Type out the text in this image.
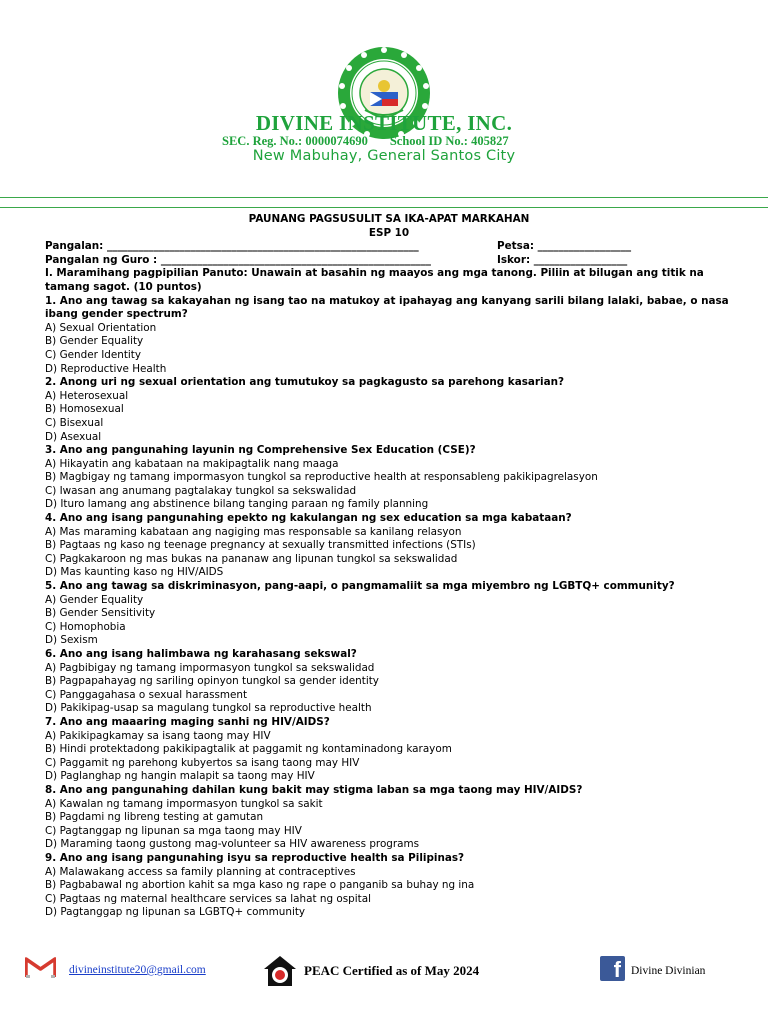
DIVINE INSTITUTE, INC.
SEC. Reg. No.: 0000074690 School ID No.: 405827
New Mabuhay, General Santos City
PAUNANG PAGSUSULIT SA IKA-APAT MARKAHAN
ESP 10
Pangalan: ____________________________________________________________	Petsa: __________________
Pangalan ng Guro : ____________________________________________________	Iskor: __________________
I. Maramihang pagpipilian Panuto: Unawain at basahin ng maayos ang mga tanong. Piliin at bilugan ang titik na tamang sagot. (10 puntos)
1. Ano ang tawag sa kakayahan ng isang tao na matukoy at ipahayag ang kanyang sarili bilang lalaki, babae, o nasa ibang gender spectrum?
A) Sexual Orientation
B) Gender Equality
C) Gender Identity
D) Reproductive Health
2. Anong uri ng sexual orientation ang tumutukoy sa pagkagusto sa parehong kasarian?
A) Heterosexual
B) Homosexual
C) Bisexual
D) Asexual
3. Ano ang pangunahing layunin ng Comprehensive Sex Education (CSE)?
A) Hikayatin ang kabataan na makipagtalik nang maaga
B) Magbigay ng tamang impormasyon tungkol sa reproductive health at responsableng pakikipagrelasyon
C) Iwasan ang anumang pagtalakay tungkol sa sekswalidad
D) Ituro lamang ang abstinence bilang tanging paraan ng family planning
4. Ano ang isang pangunahing epekto ng kakulangan ng sex education sa mga kabataan?
A) Mas maraming kabataan ang nagiging mas responsable sa kanilang relasyon
B) Pagtaas ng kaso ng teenage pregnancy at sexually transmitted infections (STIs)
C) Pagkakaroon ng mas bukas na pananaw ang lipunan tungkol sa sekswalidad
D) Mas kaunting kaso ng HIV/AIDS
5. Ano ang tawag sa diskriminasyon, pang-aapi, o pangmamaliit sa mga miyembro ng LGBTQ+ community?
A) Gender Equality
B) Gender Sensitivity
C) Homophobia
D) Sexism
6. Ano ang isang halimbawa ng karahasang sekswal?
A) Pagbibigay ng tamang impormasyon tungkol sa sekswalidad
B) Pagpapahayag ng sariling opinyon tungkol sa gender identity
C) Panggagahasa o sexual harassment
D) Pakikipag-usap sa magulang tungkol sa reproductive health
7. Ano ang maaaring maging sanhi ng HIV/AIDS?
A) Pakikipagkamay sa isang taong may HIV
B) Hindi protektadong pakikipagtalik at paggamit ng kontaminadong karayom
C) Paggamit ng parehong kubyertos sa isang taong may HIV
D) Paglanghap ng hangin malapit sa taong may HIV
8. Ano ang pangunahing dahilan kung bakit may stigma laban sa mga taong may HIV/AIDS?
A) Kawalan ng tamang impormasyon tungkol sa sakit
B) Pagdami ng libreng testing at gamutan
C) Pagtanggap ng lipunan sa mga taong may HIV
D) Maraming taong gustong mag-volunteer sa HIV awareness programs
9. Ano ang isang pangunahing isyu sa reproductive health sa Pilipinas?
A) Malawakang access sa family planning at contraceptives
B) Pagbabawal ng abortion kahit sa mga kaso ng rape o panganib sa buhay ng ina
C) Pagtaas ng maternal healthcare services sa lahat ng ospital
D) Pagtanggap ng lipunan sa LGBTQ+ community
divineinstitute20@gmail.com	PEAC Certified as of May 2024	f Divine Divinian
